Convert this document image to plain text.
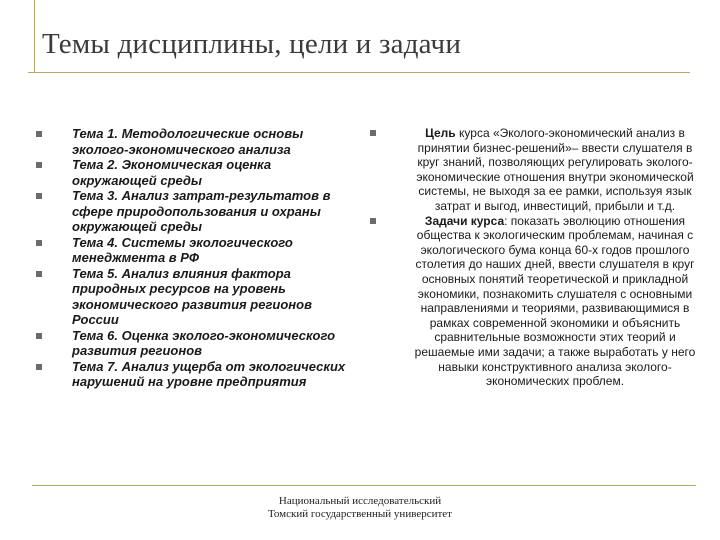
Темы дисциплины, цели и задачи
Тема 1. Методологические основы эколого-экономического анализа
Тема 2. Экономическая оценка окружающей среды
Тема 3. Анализ затрат-результатов в сфере природопользования и охраны окружающей среды
Тема 4. Системы экологического менеджмента в РФ
Тема 5. Анализ влияния фактора природных ресурсов на уровень экономического развития регионов России
Тема 6. Оценка эколого-экономического развития регионов
Тема 7. Анализ ущерба от экологических нарушений на уровне предприятия
Цель курса «Эколого-экономический анализ в принятии бизнес-решений»– ввести слушателя в круг знаний, позволяющих регулировать эколого-экономические отношения внутри экономической системы, не выходя за ее рамки, используя язык затрат и выгод, инвестиций, прибыли и т.д.
Задачи курса: показать эволюцию отношения общества к экологическим проблемам, начиная с экологического бума конца 60-х годов прошлого столетия до наших дней, ввести слушателя в круг основных понятий теоретической и прикладной экономики, познакомить слушателя с основными направлениями и теориями, развивающимися в рамках современной экономики и объяснить сравнительные возможности этих теорий и решаемые ими задачи; а также выработать у него навыки конструктивного анализа эколого-экономических проблем.
Национальный исследовательский
Томский государственный университет
